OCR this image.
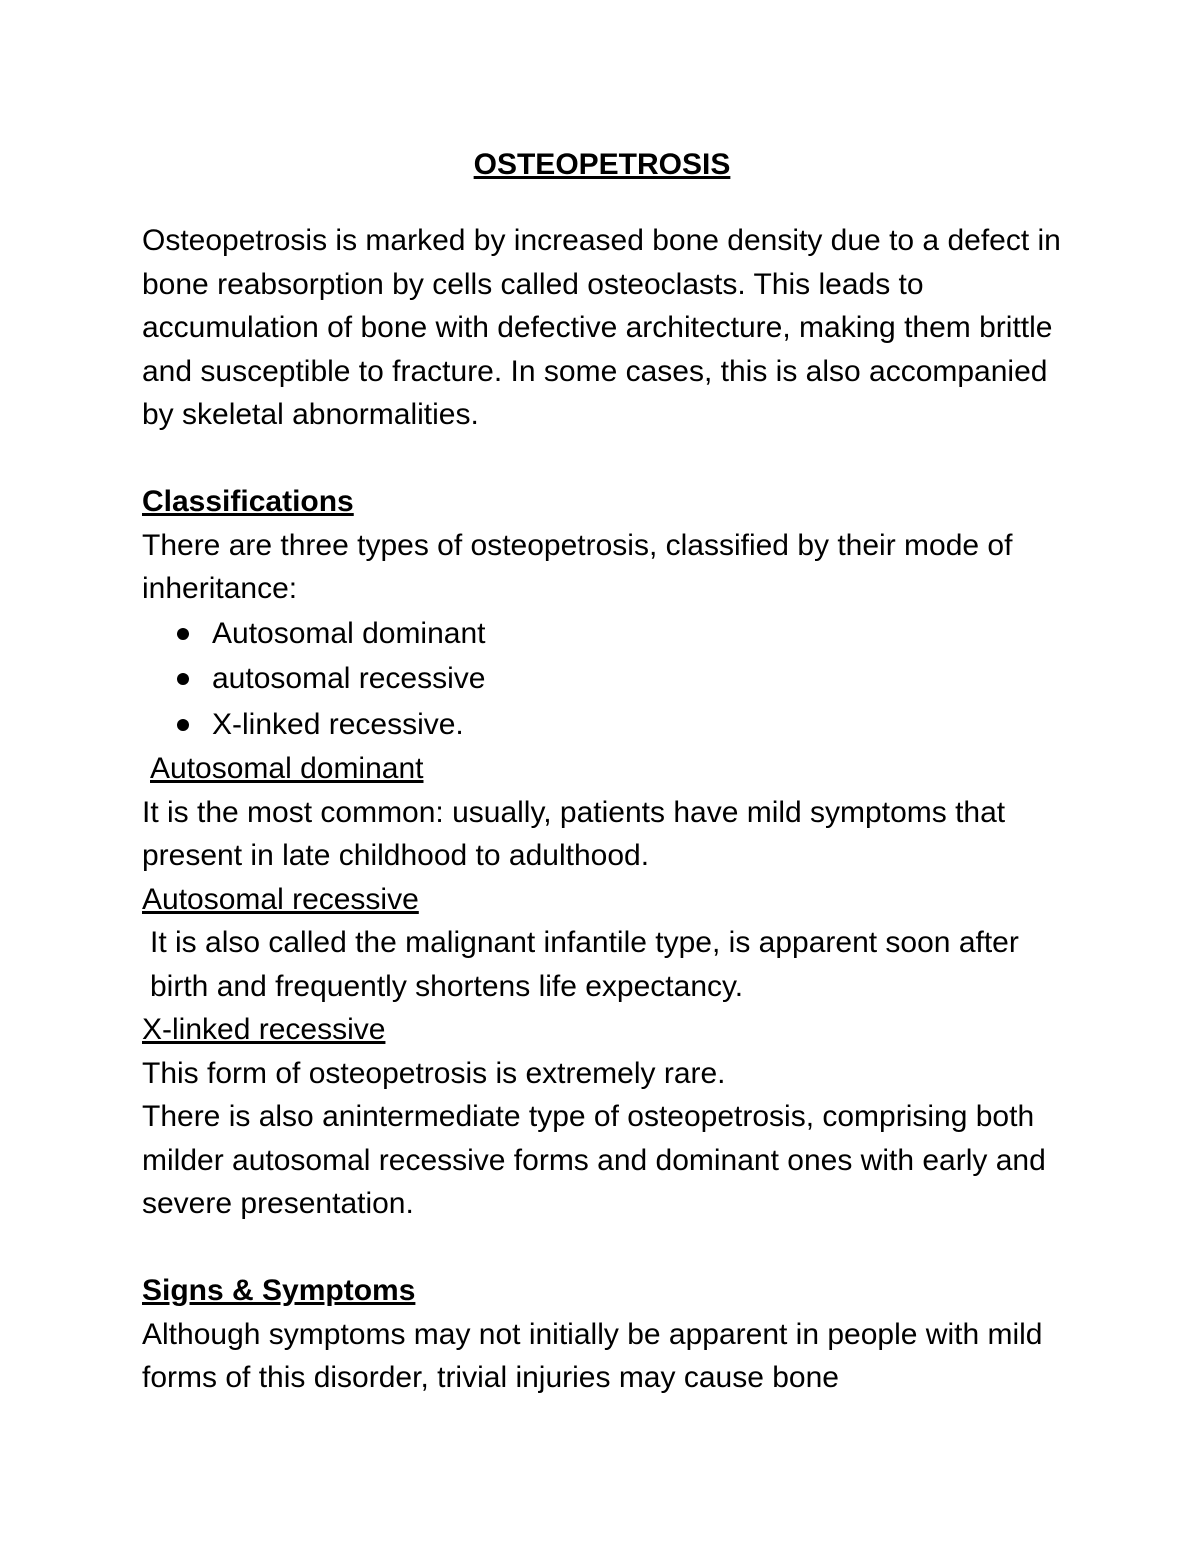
OSTEOPETROSIS

Osteopetrosis is marked by increased bone density due to a defect in bone reabsorption by cells called osteoclasts. This leads to accumulation of bone with defective architecture, making them brittle and susceptible to fracture. In some cases, this is also accompanied by skeletal abnormalities.

Classifications

There are three types of osteopetrosis, classified by their mode of inheritance:

Autosomal dominant
autosomal recessive
X-linked recessive.
Autosomal dominant

It is the most common: usually, patients have mild symptoms that present in late childhood to adulthood.

Autosomal recessive

It is also called the malignant infantile type, is apparent soon after birth and frequently shortens life expectancy.

X-linked recessive

This form of osteopetrosis is extremely rare.

There is also anintermediate type of osteopetrosis, comprising both milder autosomal recessive forms and dominant ones with early and severe presentation.

Signs & Symptoms

Although symptoms may not initially be apparent in people with mild forms of this disorder, trivial injuries may cause bone
